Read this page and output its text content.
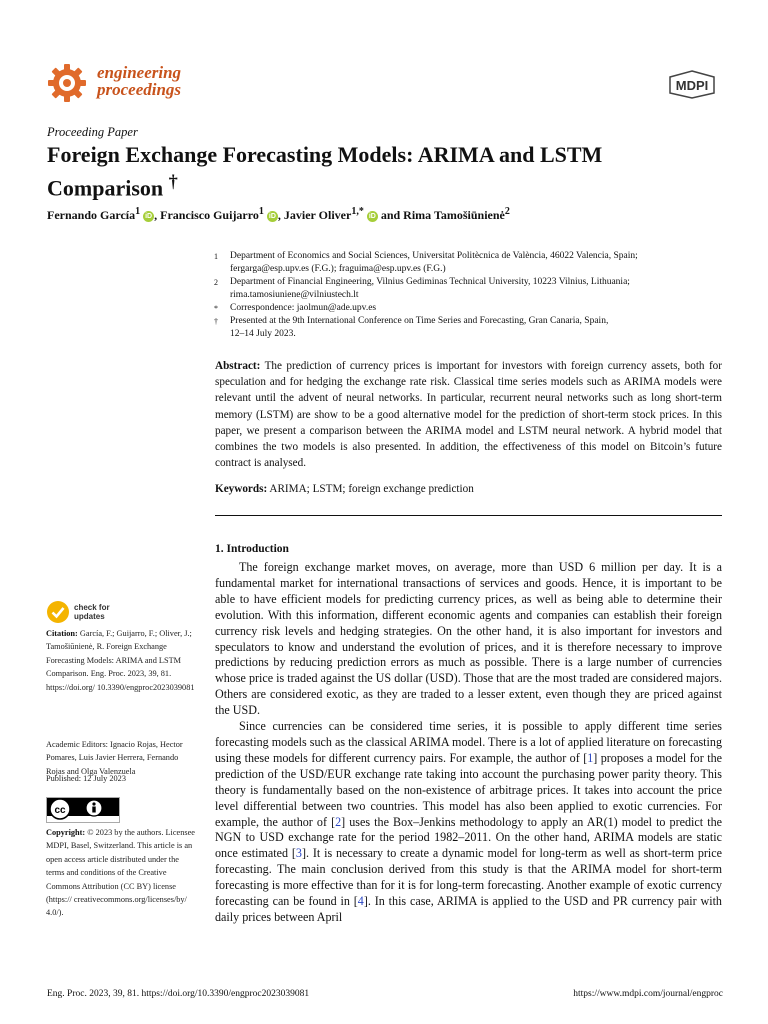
engineering
proceedings	MDPI
Proceeding Paper
Foreign Exchange Forecasting Models: ARIMA and LSTM Comparison †
Fernando García$^1$ iD , Francisco Guijarro$^1$ iD , Javier Oliver$^{1,*}$ iD and Rima Tamošiūnienė$^2$
1	Department of Economics and Social Sciences, Universitat Politècnica de València, 46022 Valencia, Spain;
fergarga@esp.upv.es (F.G.); fraguima@esp.upv.es (F.G.)
2	Department of Financial Engineering, Vilnius Gediminas Technical University, 10223 Vilnius, Lithuania;
rima.tamosiuniene@vilniustech.lt
*	Correspondence: jaolmun@ade.upv.es
†	Presented at the 9th International Conference on Time Series and Forecasting, Gran Canaria, Spain,
12–14 July 2023.
Abstract: The prediction of currency prices is important for investors with foreign currency assets, both for speculation and for hedging the exchange rate risk. Classical time series models such as ARIMA models were relevant until the advent of neural networks. In particular, recurrent neural networks such as long short-term memory (LSTM) are show to be a good alternative model for the prediction of short-term stock prices. In this paper, we present a comparison between the ARIMA model and LSTM neural network. A hybrid model that combines the two models is also presented. In addition, the effectiveness of this model on Bitcoin’s future contract is analysed.
Keywords: ARIMA; LSTM; foreign exchange prediction
1. Introduction

The foreign exchange market moves, on average, more than USD 6 million per day. It is a fundamental market for international transactions of services and goods. Hence, it is important to be able to have efficient models for predicting currency prices, as well as being able to determine their evolution. With this information, different economic agents and companies can establish their foreign currency risk levels and hedging strategies. On the other hand, it is also important for investors and speculators to know and understand the evolution of prices, and it is therefore necessary to improve predictions by reducing prediction errors as much as possible. There is a large number of currencies whose price is traded against the US dollar (USD). Those that are the most traded are considered majors. Others are considered exotic, as they are traded to a lesser extent, even though they are priced against the USD.

Since currencies can be considered time series, it is possible to apply different time series forecasting models such as the classical ARIMA model. There is a lot of applied literature on forecasting using these models for different currency pairs. For example, the author of [1] proposes a model for the prediction of the USD/EUR exchange rate taking into account the purchasing power parity theory. This theory is fundamentally based on the non-existence of arbitrage prices. It takes into account the price level differential between two countries. This model has also been applied to exotic currencies. For example, the author of [2] uses the Box–Jenkins methodology to apply an AR(1) model to predict the NGN to USD exchange rate for the period 1982–2011. On the other hand, ARIMA models are static once estimated [3]. It is necessary to create a dynamic model for long-term as well as short-term price forecasting. The main conclusion derived from this study is that the ARIMA model for short-term forecasting is more effective than for it is for long-term forecasting. Another example of exotic currency forecasting can be found in [4]. In this case, ARIMA is applied to the USD and PR currency pair with daily prices between April

check for
updates
Citation: García, F.; Guijarro, F.; Oliver, J.; Tamošiūnienė, R. Foreign Exchange Forecasting Models: ARIMA and LSTM Comparison. Eng. Proc. 2023, 39, 81. https://doi.org/ 10.3390/engproc2023039081
Academic Editors: Ignacio Rojas, Hector Pomares, Luis Javier Herrera, Fernando Rojas and Olga Valenzuela
Published: 12 July 2023
cc
Copyright: © 2023 by the authors. Licensee MDPI, Basel, Switzerland. This article is an open access article distributed under the terms and conditions of the Creative Commons Attribution (CC BY) license (https:// creativecommons.org/licenses/by/ 4.0/).
Eng. Proc. 2023, 39, 81. https://doi.org/10.3390/engproc2023039081	https://www.mdpi.com/journal/engproc
